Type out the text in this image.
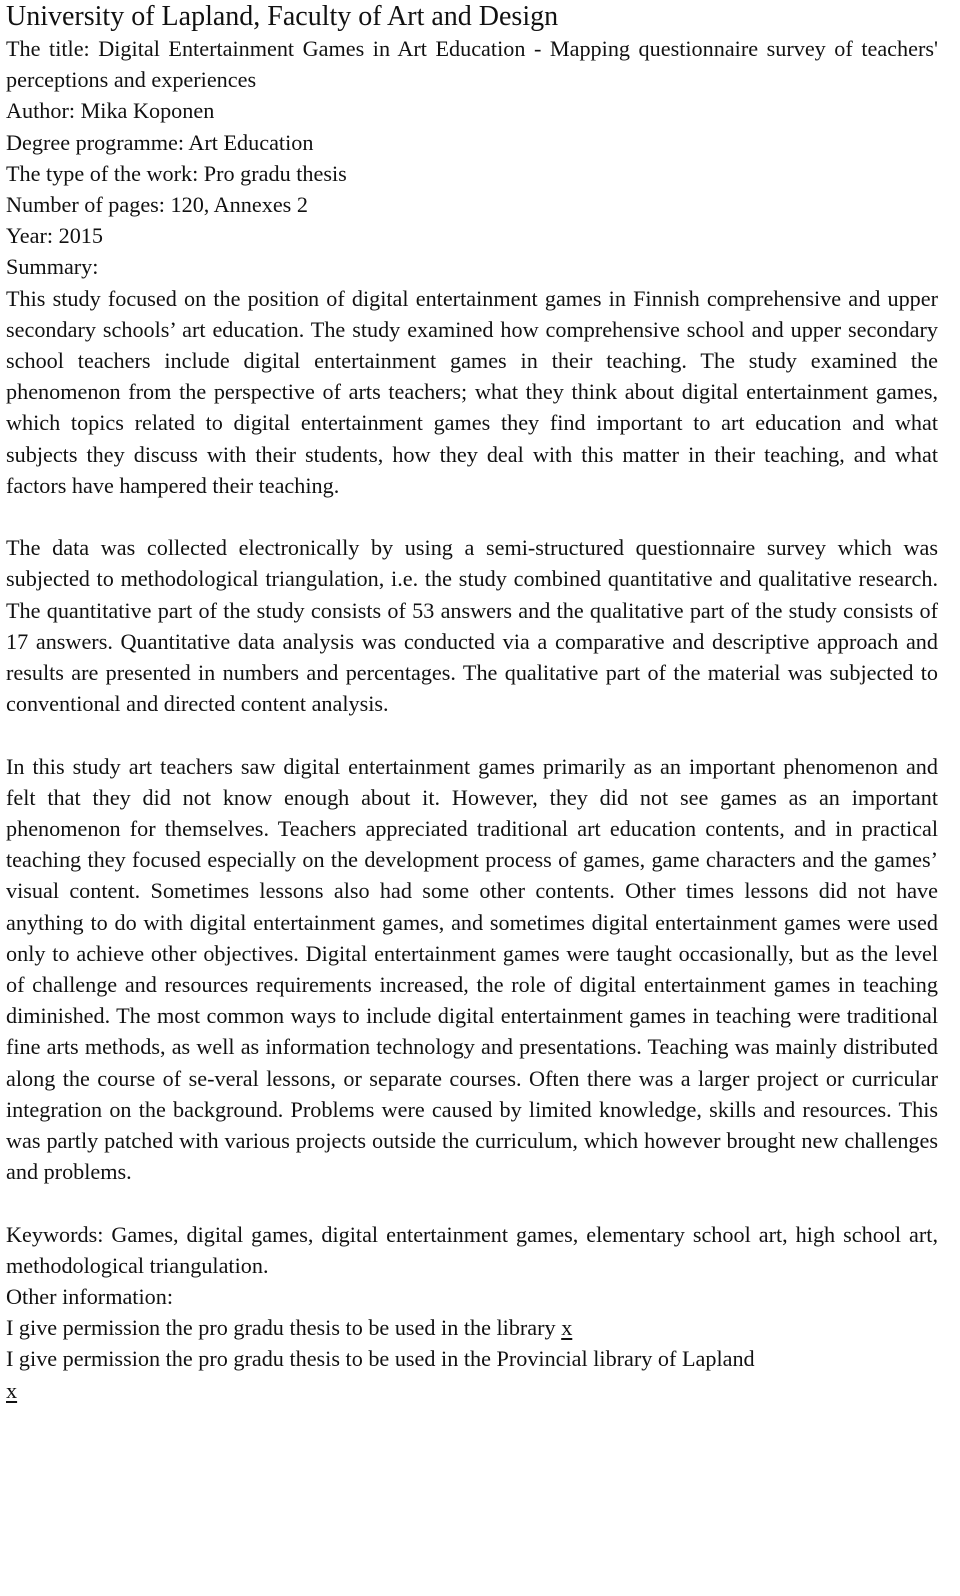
University of Lapland, Faculty of Art and Design

The title: Digital Entertainment Games in Art Education - Mapping questionnaire survey of teachers' perceptions and experiences

Author: Mika Koponen
Degree programme: Art Education
The type of the work: Pro gradu thesis
Number of pages: 120, Annexes 2
Year: 2015
Summary:

This study focused on the position of digital entertainment games in Finnish comprehensive and upper secondary schools’ art education. The study examined how comprehensive school and upper secondary school teachers include digital entertainment games in their teaching. The study examined the phenomenon from the perspective of arts teachers; what they think about digital entertainment games, which topics related to digital entertainment games they find important to art education and what subjects they discuss with their students, how they deal with this matter in their teaching, and what factors have hampered their teaching.

The data was collected electronically by using a semi-structured questionnaire survey which was subjected to methodological triangulation, i.e. the study combined quantitative and qualitative research. The quantitative part of the study consists of 53 answers and the qualitative part of the study consists of 17 answers. Quantitative data analysis was conducted via a comparative and descriptive approach and results are presented in numbers and percentages. The qualitative part of the material was subjected to conventional and directed content analysis.

In this study art teachers saw digital entertainment games primarily as an important phenomenon and felt that they did not know enough about it. However, they did not see games as an important phenomenon for themselves. Teachers appreciated traditional art education contents, and in practical teaching they focused especially on the development process of games, game characters and the games’ visual content. Sometimes lessons also had some other contents. Other times lessons did not have anything to do with digital entertainment games, and sometimes digital entertainment games were used only to achieve other objectives. Digital entertainment games were taught occasionally, but as the level of challenge and resources requirements increased, the role of digital entertainment games in teaching diminished. The most common ways to include digital entertainment games in teaching were traditional fine arts methods, as well as information technology and presentations. Teaching was mainly distributed along the course of se-veral lessons, or separate courses. Often there was a larger project or curricular integration on the background. Problems were caused by limited knowledge, skills and resources. This was partly patched with various projects outside the curriculum, which however brought new challenges and problems.

Keywords: Games, digital games, digital entertainment games, elementary school art, high school art, methodological triangulation.

Other information:
I give permission the pro gradu thesis to be used in the library x
I give permission the pro gradu thesis to be used in the Provincial library of Lapland
x
